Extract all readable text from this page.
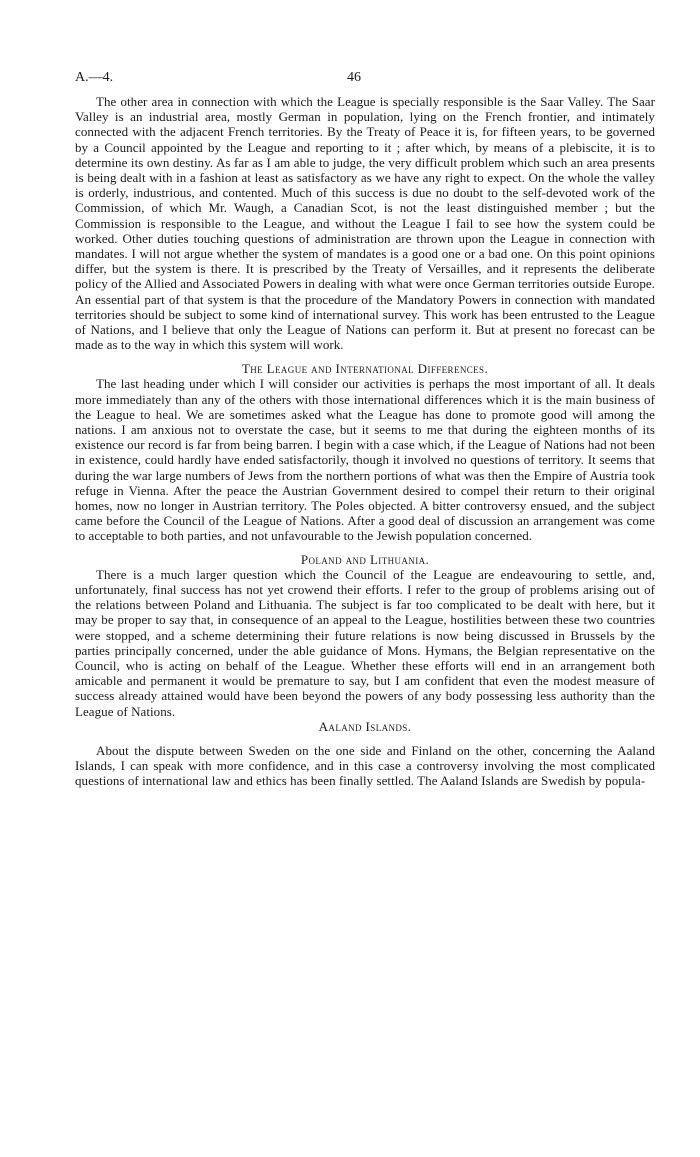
A.—4.	46

The other area in connection with which the League is specially responsible is the Saar Valley. The Saar Valley is an industrial area, mostly German in population, lying on the French frontier, and intimately connected with the adjacent French territories. By the Treaty of Peace it is, for fifteen years, to be governed by a Council appointed by the League and reporting to it ; after which, by means of a plebiscite, it is to determine its own destiny. As far as I am able to judge, the very difficult problem which such an area presents is being dealt with in a fashion at least as satisfactory as we have any right to expect. On the whole the valley is orderly, industrious, and contented. Much of this success is due no doubt to the self-devoted work of the Commission, of which Mr. Waugh, a Canadian Scot, is not the least distinguished member ; but the Commission is responsible to the League, and without the League I fail to see how the system could be worked. Other duties touching questions of administration are thrown upon the League in connection with mandates. I will not argue whether the system of mandates is a good one or a bad one. On this point opinions differ, but the system is there. It is prescribed by the Treaty of Versailles, and it represents the deliberate policy of the Allied and Associated Powers in dealing with what were once German territories outside Europe. An essential part of that system is that the procedure of the Mandatory Powers in connection with mandated territories should be subject to some kind of international survey. This work has been entrusted to the League of Nations, and I believe that only the League of Nations can perform it. But at present no forecast can be made as to the way in which this system will work.

The League and International Differences.

The last heading under which I will consider our activities is perhaps the most important of all. It deals more immediately than any of the others with those international differences which it is the main business of the League to heal. We are sometimes asked what the League has done to promote good will among the nations. I am anxious not to overstate the case, but it seems to me that during the eighteen months of its existence our record is far from being barren. I begin with a case which, if the League of Nations had not been in existence, could hardly have ended satisfactorily, though it involved no questions of territory. It seems that during the war large numbers of Jews from the northern portions of what was then the Empire of Austria took refuge in Vienna. After the peace the Austrian Government desired to compel their return to their original homes, now no longer in Austrian territory. The Poles objected. A bitter controversy ensued, and the subject came before the Council of the League of Nations. After a good deal of discussion an arrangement was come to acceptable to both parties, and not unfavourable to the Jewish population concerned.

Poland and Lithuania.

There is a much larger question which the Council of the League are endeavouring to settle, and, unfortunately, final success has not yet crowend their efforts. I refer to the group of problems arising out of the relations between Poland and Lithuania. The subject is far too complicated to be dealt with here, but it may be proper to say that, in consequence of an appeal to the League, hostilities between these two countries were stopped, and a scheme determining their future relations is now being discussed in Brussels by the parties principally concerned, under the able guidance of Mons. Hymans, the Belgian representative on the Council, who is acting on behalf of the League. Whether these efforts will end in an arrangement both amicable and permanent it would be premature to say, but I am confident that even the modest measure of success already attained would have been beyond the powers of any body possessing less authority than the League of Nations.

Aaland Islands.

About the dispute between Sweden on the one side and Finland on the other, concerning the Aaland Islands, I can speak with more confidence, and in this case a controversy involving the most complicated questions of international law and ethics has been finally settled. The Aaland Islands are Swedish by popula-
